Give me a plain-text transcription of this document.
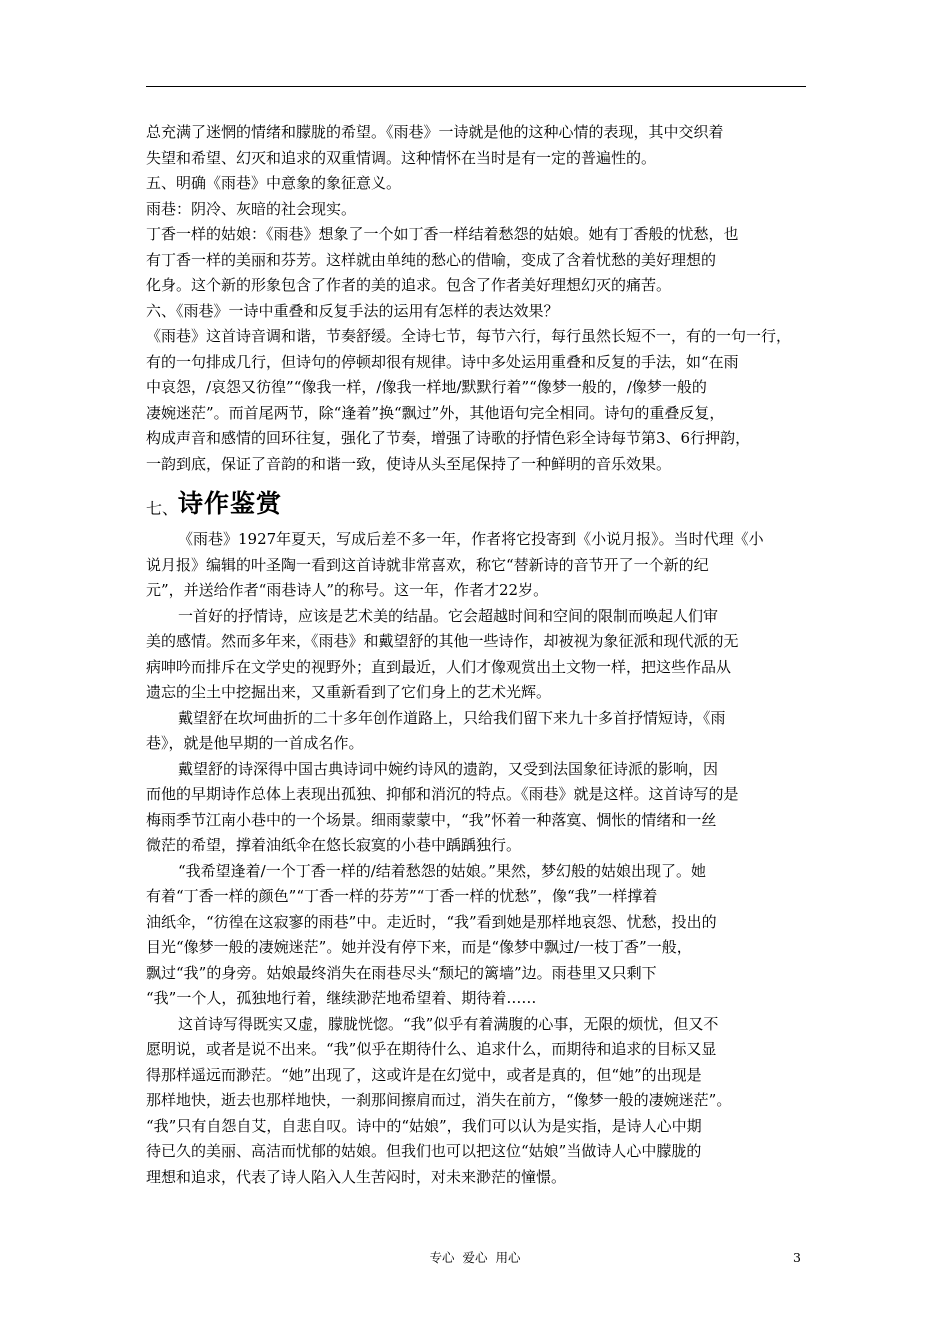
总充满了迷惘的情绪和朦胧的希望。《雨巷》一诗就是他的这种心情的表现，其中交织着
失望和希望、幻灭和追求的双重情调。这种情怀在当时是有一定的普遍性的。
五、明确《雨巷》中意象的象征意义。
雨巷：阴冷、灰暗的社会现实。
丁香一样的姑娘：《雨巷》想象了一个如丁香一样结着愁怨的姑娘。她有丁香般的忧愁，也
有丁香一样的美丽和芬芳。这样就由单纯的愁心的借喻，变成了含着忧愁的美好理想的
化身。这个新的形象包含了作者的美的追求。包含了作者美好理想幻灭的痛苦。
六、《雨巷》一诗中重叠和反复手法的运用有怎样的表达效果？
《雨巷》这首诗音调和谐，节奏舒缓。全诗七节，每节六行，每行虽然长短不一，有的一句一行，
有的一句排成几行，但诗句的停顿却很有规律。诗中多处运用重叠和反复的手法，如“在雨
中哀怨，/哀怨又彷徨”“像我一样，/像我一样地/默默行着”“像梦一般的，/像梦一般的
凄婉迷茫”。而首尾两节，除“逢着”换“飘过”外，其他语句完全相同。诗句的重叠反复，
构成声音和感情的回环往复，强化了节奏，增强了诗歌的抒情色彩全诗每节第3、6行押韵，
一韵到底，保证了音韵的和谐一致，使诗从头至尾保持了一种鲜明的音乐效果。
七、 诗作鉴赏
《雨巷》1927年夏天，写成后差不多一年，作者将它投寄到《小说月报》。当时代理《小
说月报》编辑的叶圣陶一看到这首诗就非常喜欢，称它“替新诗的音节开了一个新的纪
元”，并送给作者“雨巷诗人”的称号。这一年，作者才22岁。
一首好的抒情诗，应该是艺术美的结晶。它会超越时间和空间的限制而唤起人们审
美的感情。然而多年来，《雨巷》和戴望舒的其他一些诗作，却被视为象征派和现代派的无
病呻吟而排斥在文学史的视野外；直到最近，人们才像观赏出土文物一样，把这些作品从
遗忘的尘土中挖掘出来，又重新看到了它们身上的艺术光辉。
戴望舒在坎坷曲折的二十多年创作道路上，只给我们留下来九十多首抒情短诗，《雨
巷》，就是他早期的一首成名作。
戴望舒的诗深得中国古典诗词中婉约诗风的遗韵，又受到法国象征诗派的影响，因
而他的早期诗作总体上表现出孤独、抑郁和消沉的特点。《雨巷》就是这样。这首诗写的是
梅雨季节江南小巷中的一个场景。细雨蒙蒙中，“我”怀着一种落寞、惆怅的情绪和一丝
微茫的希望，撑着油纸伞在悠长寂寞的小巷中踽踽独行。
“我希望逢着/一个丁香一样的/结着愁怨的姑娘。”果然，梦幻般的姑娘出现了。她
有着“丁香一样的颜色”“丁香一样的芬芳”“丁香一样的忧愁”，像“我”一样撑着
油纸伞，“彷徨在这寂寥的雨巷”中。走近时，“我”看到她是那样地哀怨、忧愁，投出的
目光“像梦一般的凄婉迷茫”。她并没有停下来，而是“像梦中飘过/一枝丁香”一般，
飘过“我”的身旁。姑娘最终消失在雨巷尽头“颓圮的篱墙”边。雨巷里又只剩下
“我”一个人，孤独地行着，继续渺茫地希望着、期待着……
这首诗写得既实又虚，朦胧恍惚。“我”似乎有着满腹的心事，无限的烦忧，但又不
愿明说，或者是说不出来。“我”似乎在期待什么、追求什么，而期待和追求的目标又显
得那样遥远而渺茫。“她”出现了，这或许是在幻觉中，或者是真的，但“她”的出现是
那样地快，逝去也那样地快，一刹那间擦肩而过，消失在前方，“像梦一般的凄婉迷茫”。
“我”只有自怨自艾，自悲自叹。诗中的“姑娘”，我们可以认为是实指，是诗人心中期
待已久的美丽、高洁而忧郁的姑娘。但我们也可以把这位“姑娘”当做诗人心中朦胧的
理想和追求，代表了诗人陷入人生苦闷时，对未来渺茫的憧憬。
专心  爱心  用心	3
